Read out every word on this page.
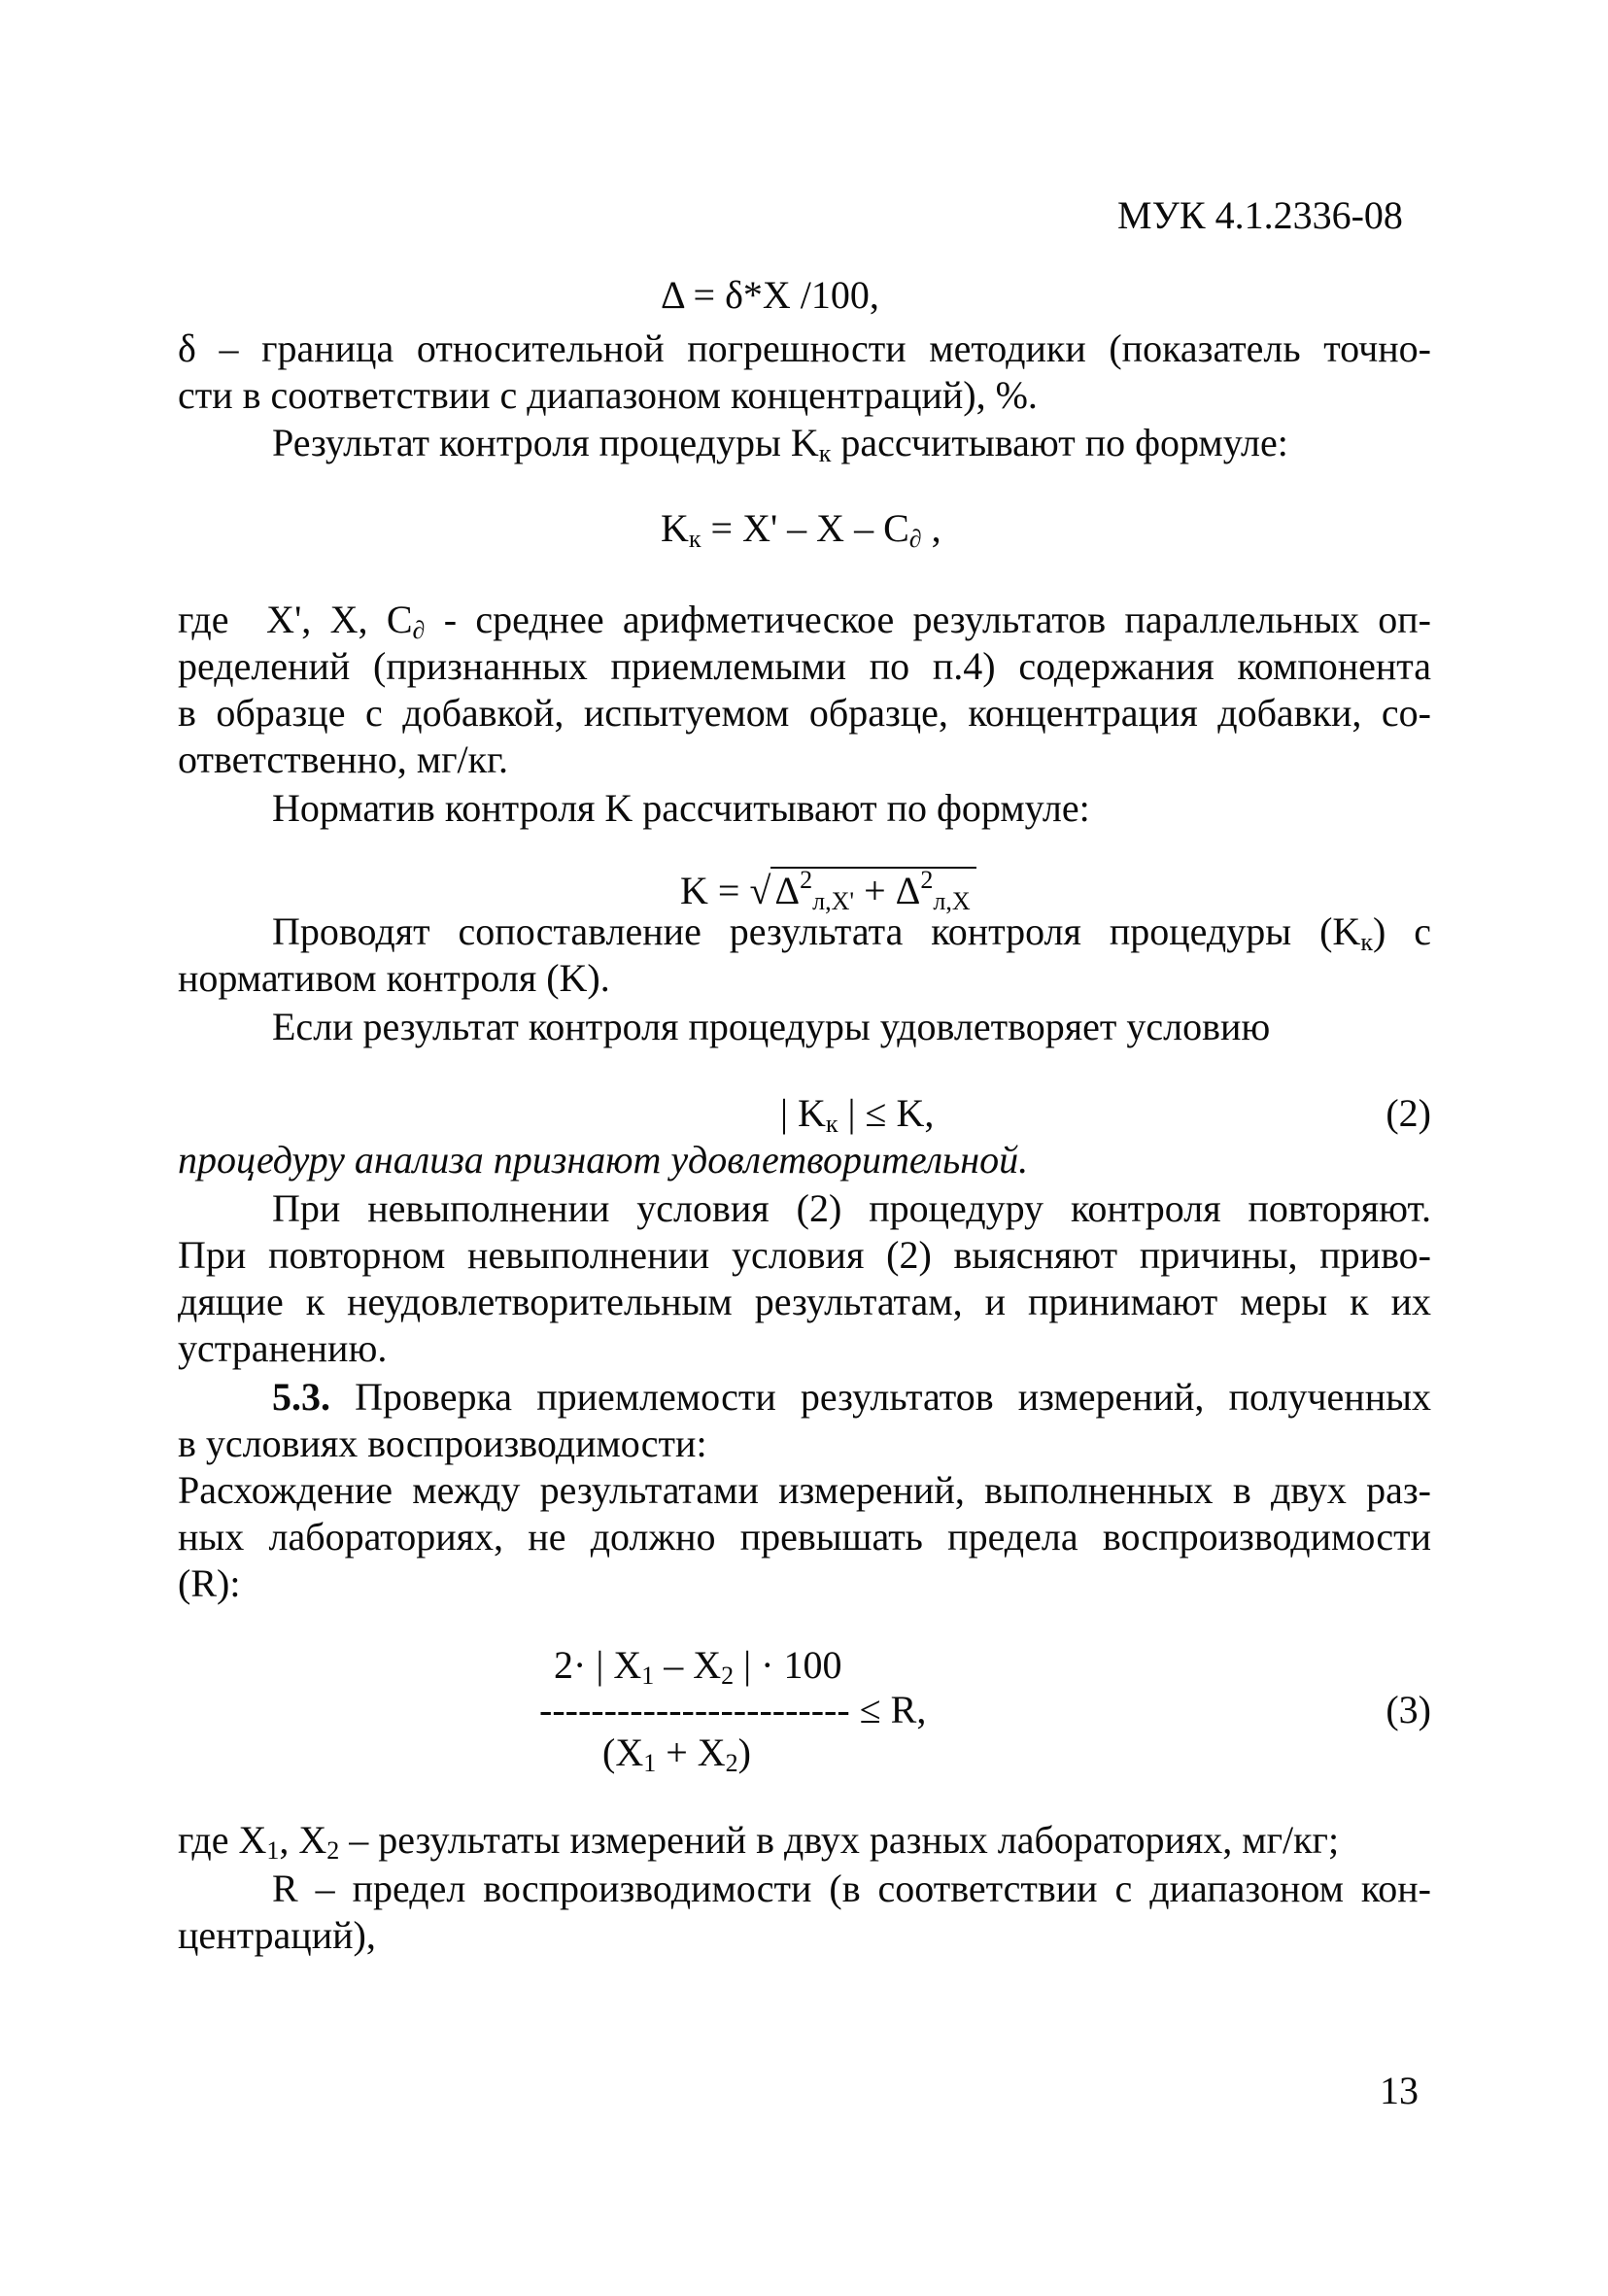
МУК 4.1.2336-08
Δ = δ*X /100,
δ – граница относительной погрешности методики (показатель точно-
сти в соответствии с диапазоном концентраций), %.
Результат контроля процедуры $K_к$ рассчитывают по формуле:
$K_к = X' - X - C_\partial$ ,
где  X', X, $C_\partial$ - среднее арифметическое результатов параллельных оп-
ределений (признанных приемлемыми по п.4) содержания компонента
в образце с добавкой, испытуемом образце, концентрация добавки, со-
ответственно, мг/кг.
Норматив контроля K рассчитывают по формуле:
K = √ $\Delta^2_{л,X'} + \Delta^2_{л,X}$
Проводят сопоставление результата контроля процедуры $(K_к)$ с
нормативом контроля (K).
Если результат контроля процедуры удовлетворяет условию
| $K_к$ | ≤ K,	(2)
процедуру анализа признают удовлетворительной.
При невыполнении условия (2) процедуру контроля повторяют.
При повторном невыполнении условия (2) выясняют причины, приво-
дящие к неудовлетворительным результатам, и принимают меры к их
устранению.
5.3. Проверка приемлемости результатов измерений, полученных
в условиях воспроизводимости:
Расхождение между результатами измерений, выполненных в двух раз-
ных лабораториях, не должно превышать предела воспроизводимости
(R):
2· | $X_1 - X_2$ | · 100
------------------------ ≤ R,	(3)
$(X_1 + X_2)$
где $X_1$, $X_2$ – результаты измерений в двух разных лабораториях, мг/кг;
R – предел воспроизводимости (в соответствии с диапазоном кон-
центраций),
13
